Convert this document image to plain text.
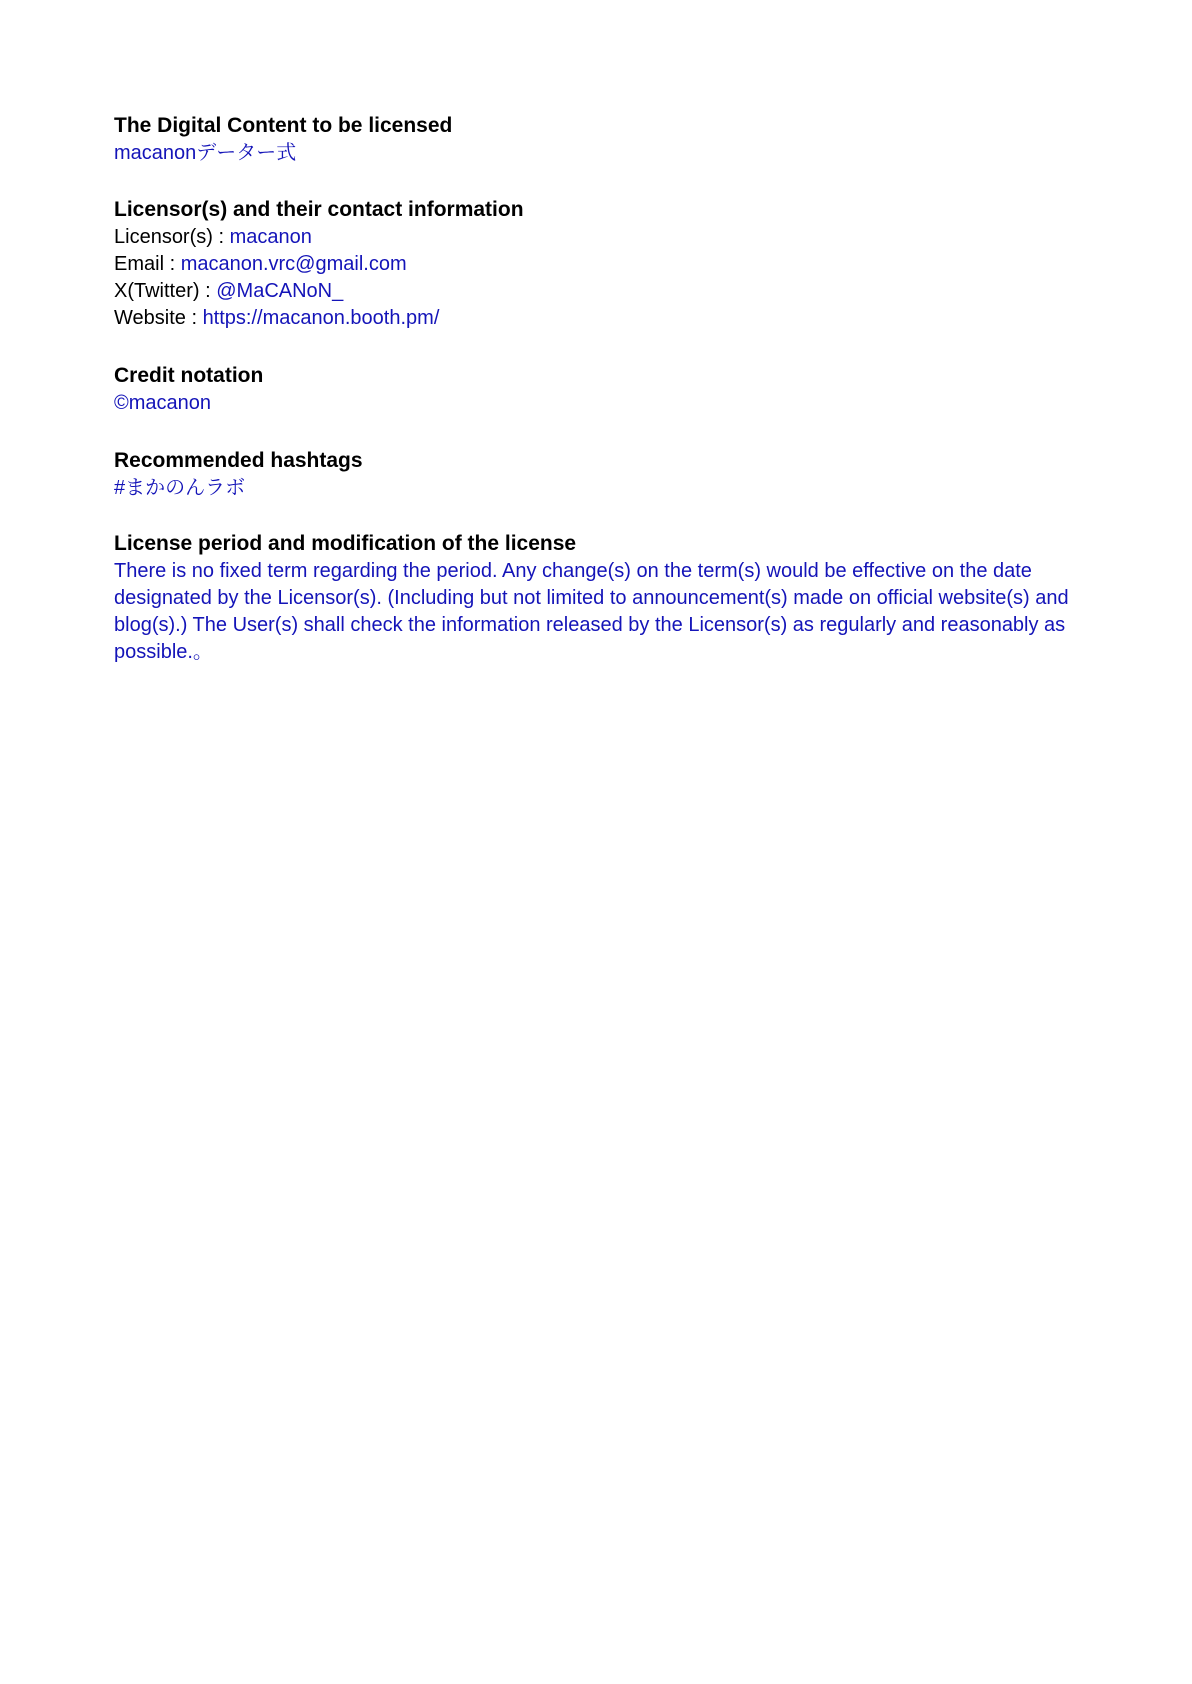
The Digital Content to be licensed

macanonデーター式

Licensor(s) and their contact information

Licensor(s) : macanon

Email : macanon.vrc@gmail.com

X(Twitter) : @MaCANoN_

Website : https://macanon.booth.pm/

Credit notation

©macanon

Recommended hashtags

#まかのんラボ

License period and modification of the license

There is no fixed term regarding the period. Any change(s) on the term(s) would be effective on the date designated by the Licensor(s). (Including but not limited to announcement(s) made on official website(s) and blog(s).) The User(s) shall check the information released by the Licensor(s) as regularly and reasonably as possible.。
